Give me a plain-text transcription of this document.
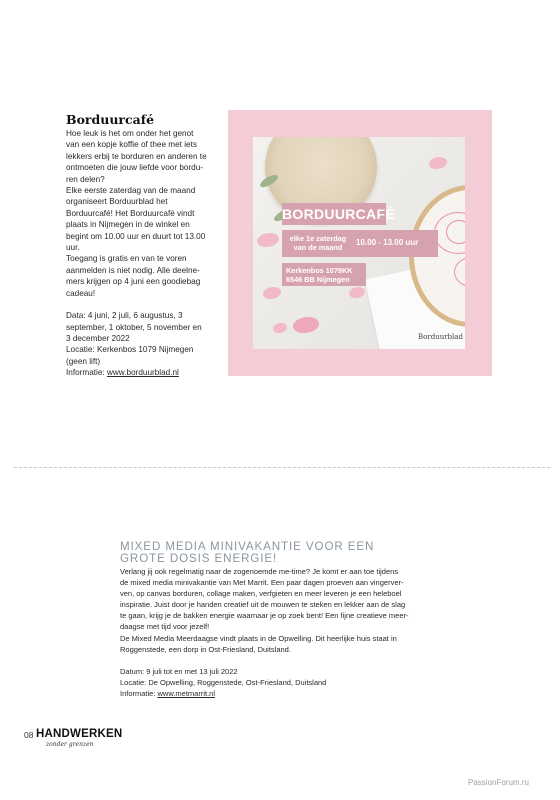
Borduurcafé

Hoe leuk is het om onder het genot

van een kopje koffie of thee met iets

lekkers erbij te borduren en anderen te

ontmoeten die jouw liefde voor bordu-

ren delen?

Elke eerste zaterdag van de maand

organiseert Borduurblad het

Borduurcafé! Het Borduurcafé vindt

plaats in Nijmegen in de winkel en

begint om 10.00 uur en duurt tot 13.00

uur.

Toegang is gratis en van te voren

aanmelden is niet nodig. Alle deelne-

mers krijgen op 4 juni een goodiebag

cadeau!

Data: 4 juni, 2 juli, 6 augustus, 3

september, 1 oktober, 5 november en

3 december 2022

Locatie: Kerkenbos 1079 Nijmegen

(geen lift)

Informatie: www.borduurblad.nl

BORDUURCAFÉ
elke 1e zaterdag
van de maand	10.00 - 13.00 uur
Kerkenbos 1079KK
6546 BB Nijmegen
Borduurblad
MIXED MEDIA MINIVAKANTIE VOOR EEN GROTE DOSIS ENERGIE!

Verlang jij ook regelmatig naar de zogenoemde me-time? Je komt er aan toe tijdens

de mixed media minivakantie van Met Marrit. Een paar dagen proeven aan vingerver-

ven, op canvas borduren, collage maken, verfgieten en meer leveren je een heleboel

inspiratie. Juist door je handen creatief uit de mouwen te steken en lekker aan de slag

te gaan, krijg je de bakken energie waarnaar je op zoek bent! Een fijne creatieve meer-

daagse met tijd voor jezelf!

De Mixed Media Meerdaagse vindt plaats in de Opwelling. Dit heerlijke huis staat in

Roggenstede, een dorp in Ost-Friesland, Duitsland.

Datum: 9 juli tot en met 13 juli 2022

Locatie: De Opwelling, Roggenstede, Ost-Friesland, Duitsland

Informatie: www.metmarrit.nl

08 HANDWERKEN
zonder grenzen
PassionForum.ru
